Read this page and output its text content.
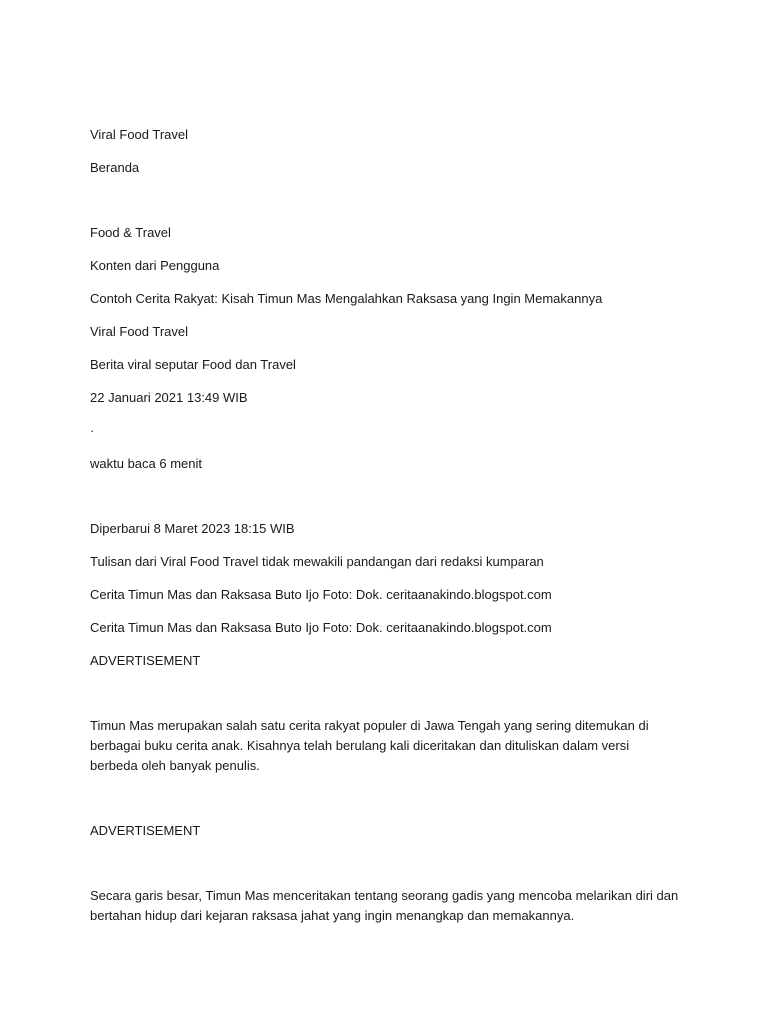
Viral Food Travel

Beranda

Food & Travel

Konten dari Pengguna

Contoh Cerita Rakyat: Kisah Timun Mas Mengalahkan Raksasa yang Ingin Memakannya

Viral Food Travel

Berita viral seputar Food dan Travel

22 Januari 2021 13:49 WIB

·

waktu baca 6 menit

Diperbarui 8 Maret 2023 18:15 WIB

Tulisan dari Viral Food Travel tidak mewakili pandangan dari redaksi kumparan

Cerita Timun Mas dan Raksasa Buto Ijo Foto: Dok. ceritaanakindo.blogspot.com

Cerita Timun Mas dan Raksasa Buto Ijo Foto: Dok. ceritaanakindo.blogspot.com

ADVERTISEMENT

Timun Mas merupakan salah satu cerita rakyat populer di Jawa Tengah yang sering ditemukan di berbagai buku cerita anak. Kisahnya telah berulang kali diceritakan dan dituliskan dalam versi berbeda oleh banyak penulis.

ADVERTISEMENT

Secara garis besar, Timun Mas menceritakan tentang seorang gadis yang mencoba melarikan diri dan bertahan hidup dari kejaran raksasa jahat yang ingin menangkap dan memakannya.
